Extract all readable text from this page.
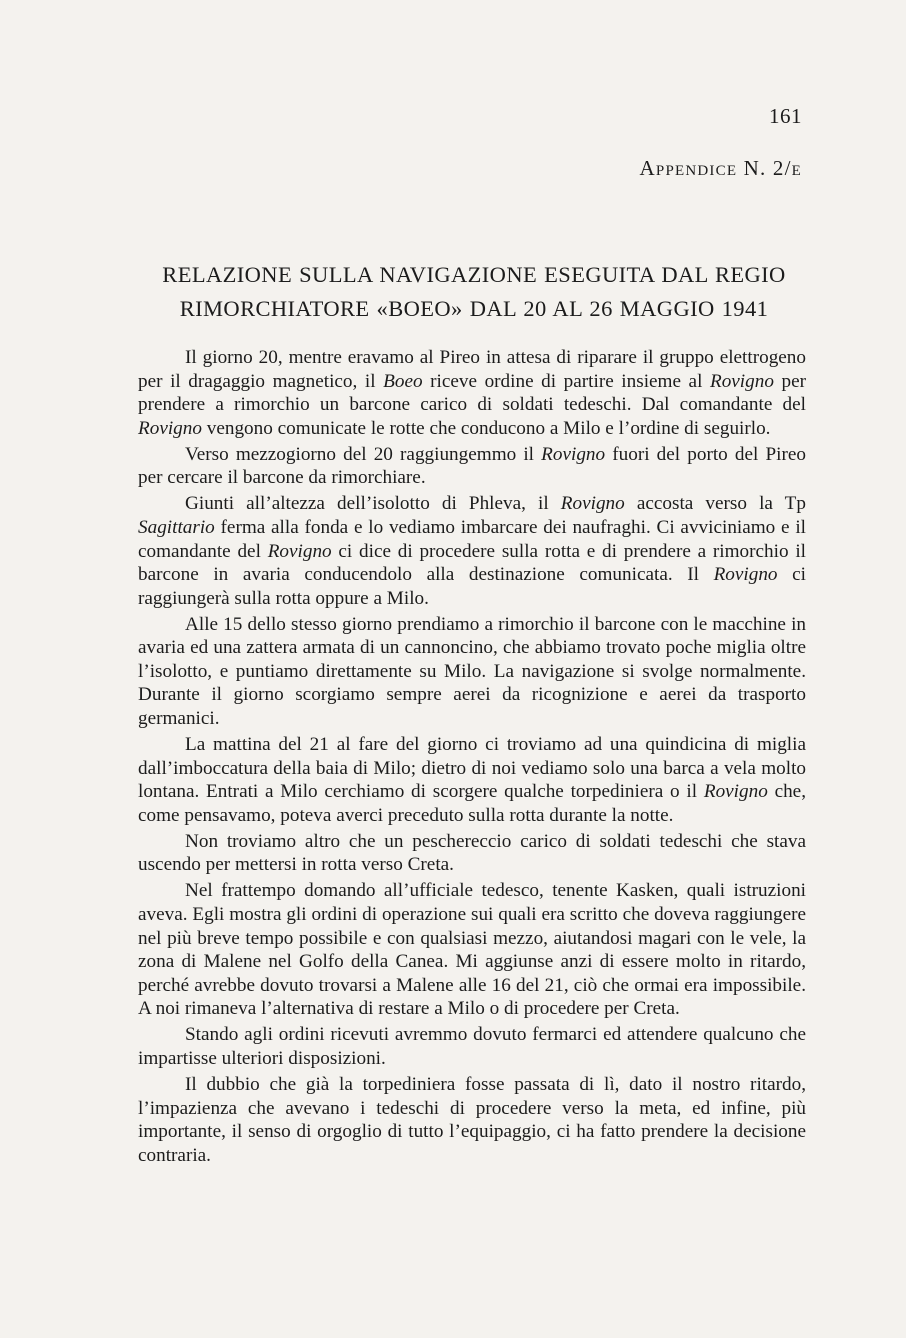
161
Appendice N. 2/e
RELAZIONE SULLA NAVIGAZIONE ESEGUITA DAL REGIO
RIMORCHIATORE «BOEO» DAL 20 AL 26 MAGGIO 1941

Il giorno 20, mentre eravamo al Pireo in attesa di riparare il gruppo elettrogeno per il dragaggio magnetico, il Boeo riceve ordine di partire insieme al Rovigno per prendere a rimorchio un barcone carico di soldati tedeschi. Dal comandante del Rovigno vengono comunicate le rotte che conducono a Milo e l’ordine di seguirlo.

Verso mezzogiorno del 20 raggiungemmo il Rovigno fuori del porto del Pireo per cercare il barcone da rimorchiare.

Giunti all’altezza dell’isolotto di Phleva, il Rovigno accosta verso la Tp Sagittario ferma alla fonda e lo vediamo imbarcare dei naufraghi. Ci avviciniamo e il comandante del Rovigno ci dice di procedere sulla rotta e di prendere a rimorchio il barcone in avaria conducendolo alla destinazione comunicata. Il Rovigno ci raggiungerà sulla rotta oppure a Milo.

Alle 15 dello stesso giorno prendiamo a rimorchio il barcone con le macchine in avaria ed una zattera armata di un cannoncino, che abbiamo trovato poche miglia oltre l’isolotto, e puntiamo direttamente su Milo. La navigazione si svolge normalmente. Durante il giorno scorgiamo sempre aerei da ricognizione e aerei da trasporto germanici.

La mattina del 21 al fare del giorno ci troviamo ad una quindicina di miglia dall’imboccatura della baia di Milo; dietro di noi vediamo solo una barca a vela molto lontana. Entrati a Milo cerchiamo di scorgere qualche torpediniera o il Rovigno che, come pensavamo, poteva averci preceduto sulla rotta durante la notte.

Non troviamo altro che un peschereccio carico di soldati tedeschi che stava uscendo per mettersi in rotta verso Creta.

Nel frattempo domando all’ufficiale tedesco, tenente Kasken, quali istruzioni aveva. Egli mostra gli ordini di operazione sui quali era scritto che doveva raggiungere nel più breve tempo possibile e con qualsiasi mezzo, aiutandosi magari con le vele, la zona di Malene nel Golfo della Canea. Mi aggiunse anzi di essere molto in ritardo, perché avrebbe dovuto trovarsi a Malene alle 16 del 21, ciò che ormai era impossibile. A noi rimaneva l’alternativa di restare a Milo o di procedere per Creta.

Stando agli ordini ricevuti avremmo dovuto fermarci ed attendere qualcuno che impartisse ulteriori disposizioni.

Il dubbio che già la torpediniera fosse passata di lì, dato il nostro ritardo, l’impazienza che avevano i tedeschi di procedere verso la meta, ed infine, più importante, il senso di orgoglio di tutto l’equipaggio, ci ha fatto prendere la decisione contraria.
